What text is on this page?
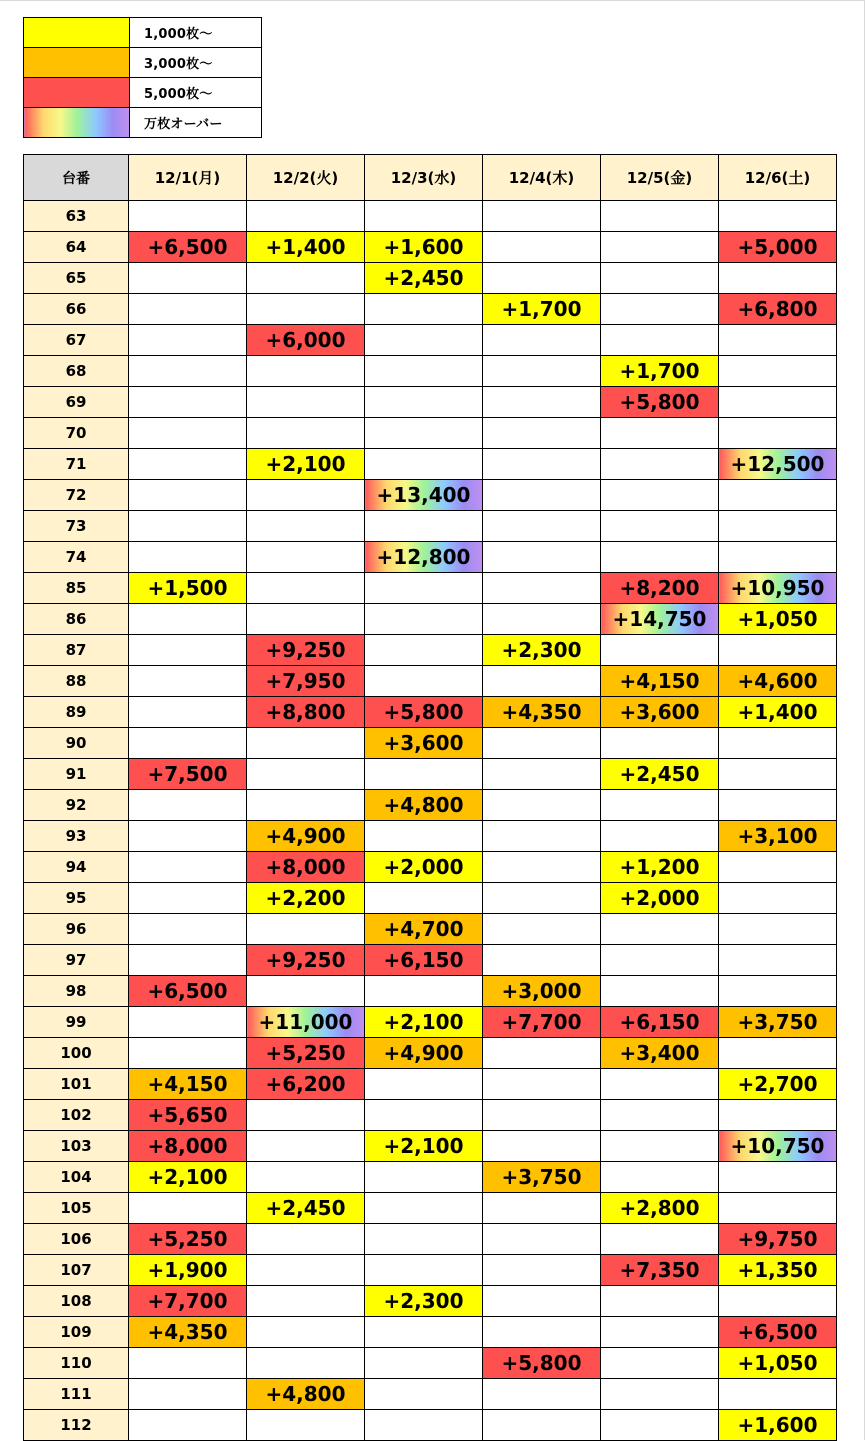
	1,000枚〜
	3,000枚〜
	5,000枚〜
	万枚オーバー
台番	12/1(月)	12/2(火)	12/3(水)	12/4(木)	12/5(金)	12/6(土)
63						
64	+6,500	+1,400	+1,600			+5,000
65			+2,450			
66				+1,700		+6,800
67		+6,000				
68					+1,700	
69					+5,800	
70						
71		+2,100				+12,500
72			+13,400			
73						
74			+12,800			
85	+1,500				+8,200	+10,950
86					+14,750	+1,050
87		+9,250		+2,300		
88		+7,950			+4,150	+4,600
89		+8,800	+5,800	+4,350	+3,600	+1,400
90			+3,600			
91	+7,500				+2,450	
92			+4,800			
93		+4,900				+3,100
94		+8,000	+2,000		+1,200	
95		+2,200			+2,000	
96			+4,700			
97		+9,250	+6,150			
98	+6,500			+3,000		
99		+11,000	+2,100	+7,700	+6,150	+3,750
100		+5,250	+4,900		+3,400	
101	+4,150	+6,200				+2,700
102	+5,650					
103	+8,000		+2,100			+10,750
104	+2,100			+3,750		
105		+2,450			+2,800	
106	+5,250					+9,750
107	+1,900				+7,350	+1,350
108	+7,700		+2,300			
109	+4,350					+6,500
110				+5,800		+1,050
111		+4,800				
112						+1,600
